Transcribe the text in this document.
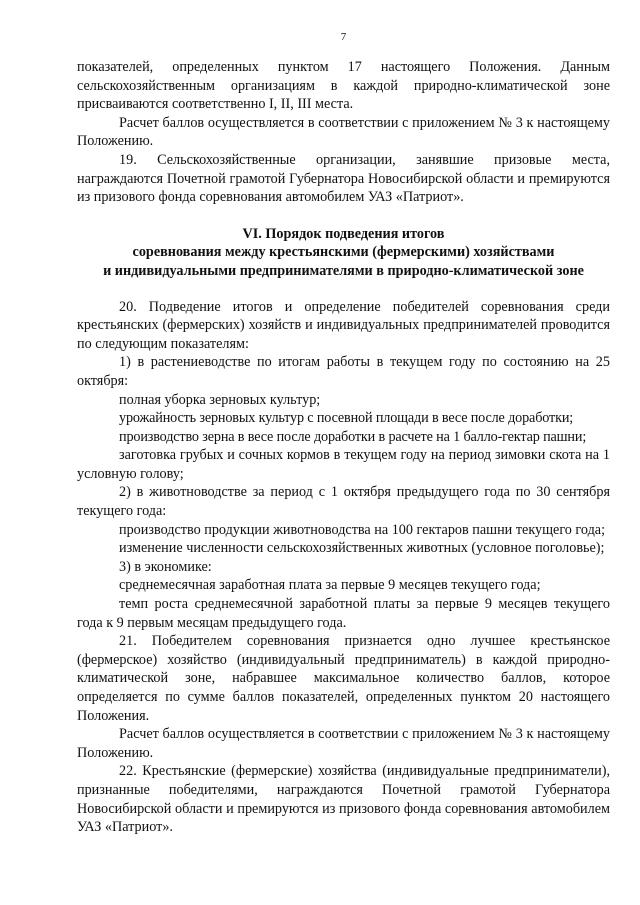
7

показателей, определенных пунктом 17 настоящего Положения. Данным сельскохозяйственным организациям в каждой природно-климатической зоне присваиваются соответственно I, II, III места.

Расчет баллов осуществляется в соответствии с приложением № 3 к настоящему Положению.

19. Сельскохозяйственные организации, занявшие призовые места, награждаются Почетной грамотой Губернатора Новосибирской области и премируются из призового фонда соревнования автомобилем УАЗ «Патриот».

VI. Порядок подведения итогов
соревнования между крестьянскими (фермерскими) хозяйствами
и индивидуальными предпринимателями в природно-климатической зоне

20. Подведение итогов и определение победителей соревнования среди крестьянских (фермерских) хозяйств и индивидуальных предпринимателей проводится по следующим показателям:

1) в растениеводстве по итогам работы в текущем году по состоянию на 25 октября:

полная уборка зерновых культур;

урожайность зерновых культур с посевной площади в весе после доработки;

производство зерна в весе после доработки в расчете на 1 балло-гектар пашни;

заготовка грубых и сочных кормов в текущем году на период зимовки скота на 1 условную голову;

2) в животноводстве за период с 1 октября предыдущего года по 30 сентября текущего года:

производство продукции животноводства на 100 гектаров пашни текущего года;

изменение численности сельскохозяйственных животных (условное поголовье);

3) в экономике:

среднемесячная заработная плата за первые 9 месяцев текущего года;

темп роста среднемесячной заработной платы за первые 9 месяцев текущего года к 9 первым месяцам предыдущего года.

21. Победителем соревнования признается одно лучшее крестьянское (фермерское) хозяйство (индивидуальный предприниматель) в каждой природно-климатической зоне, набравшее максимальное количество баллов, которое определяется по сумме баллов показателей, определенных пунктом 20 настоящего Положения.

Расчет баллов осуществляется в соответствии с приложением № 3 к настоящему Положению.

22. Крестьянские (фермерские) хозяйства (индивидуальные предприниматели), признанные победителями, награждаются Почетной грамотой Губернатора Новосибирской области и премируются из призового фонда соревнования автомобилем УАЗ «Патриот».
